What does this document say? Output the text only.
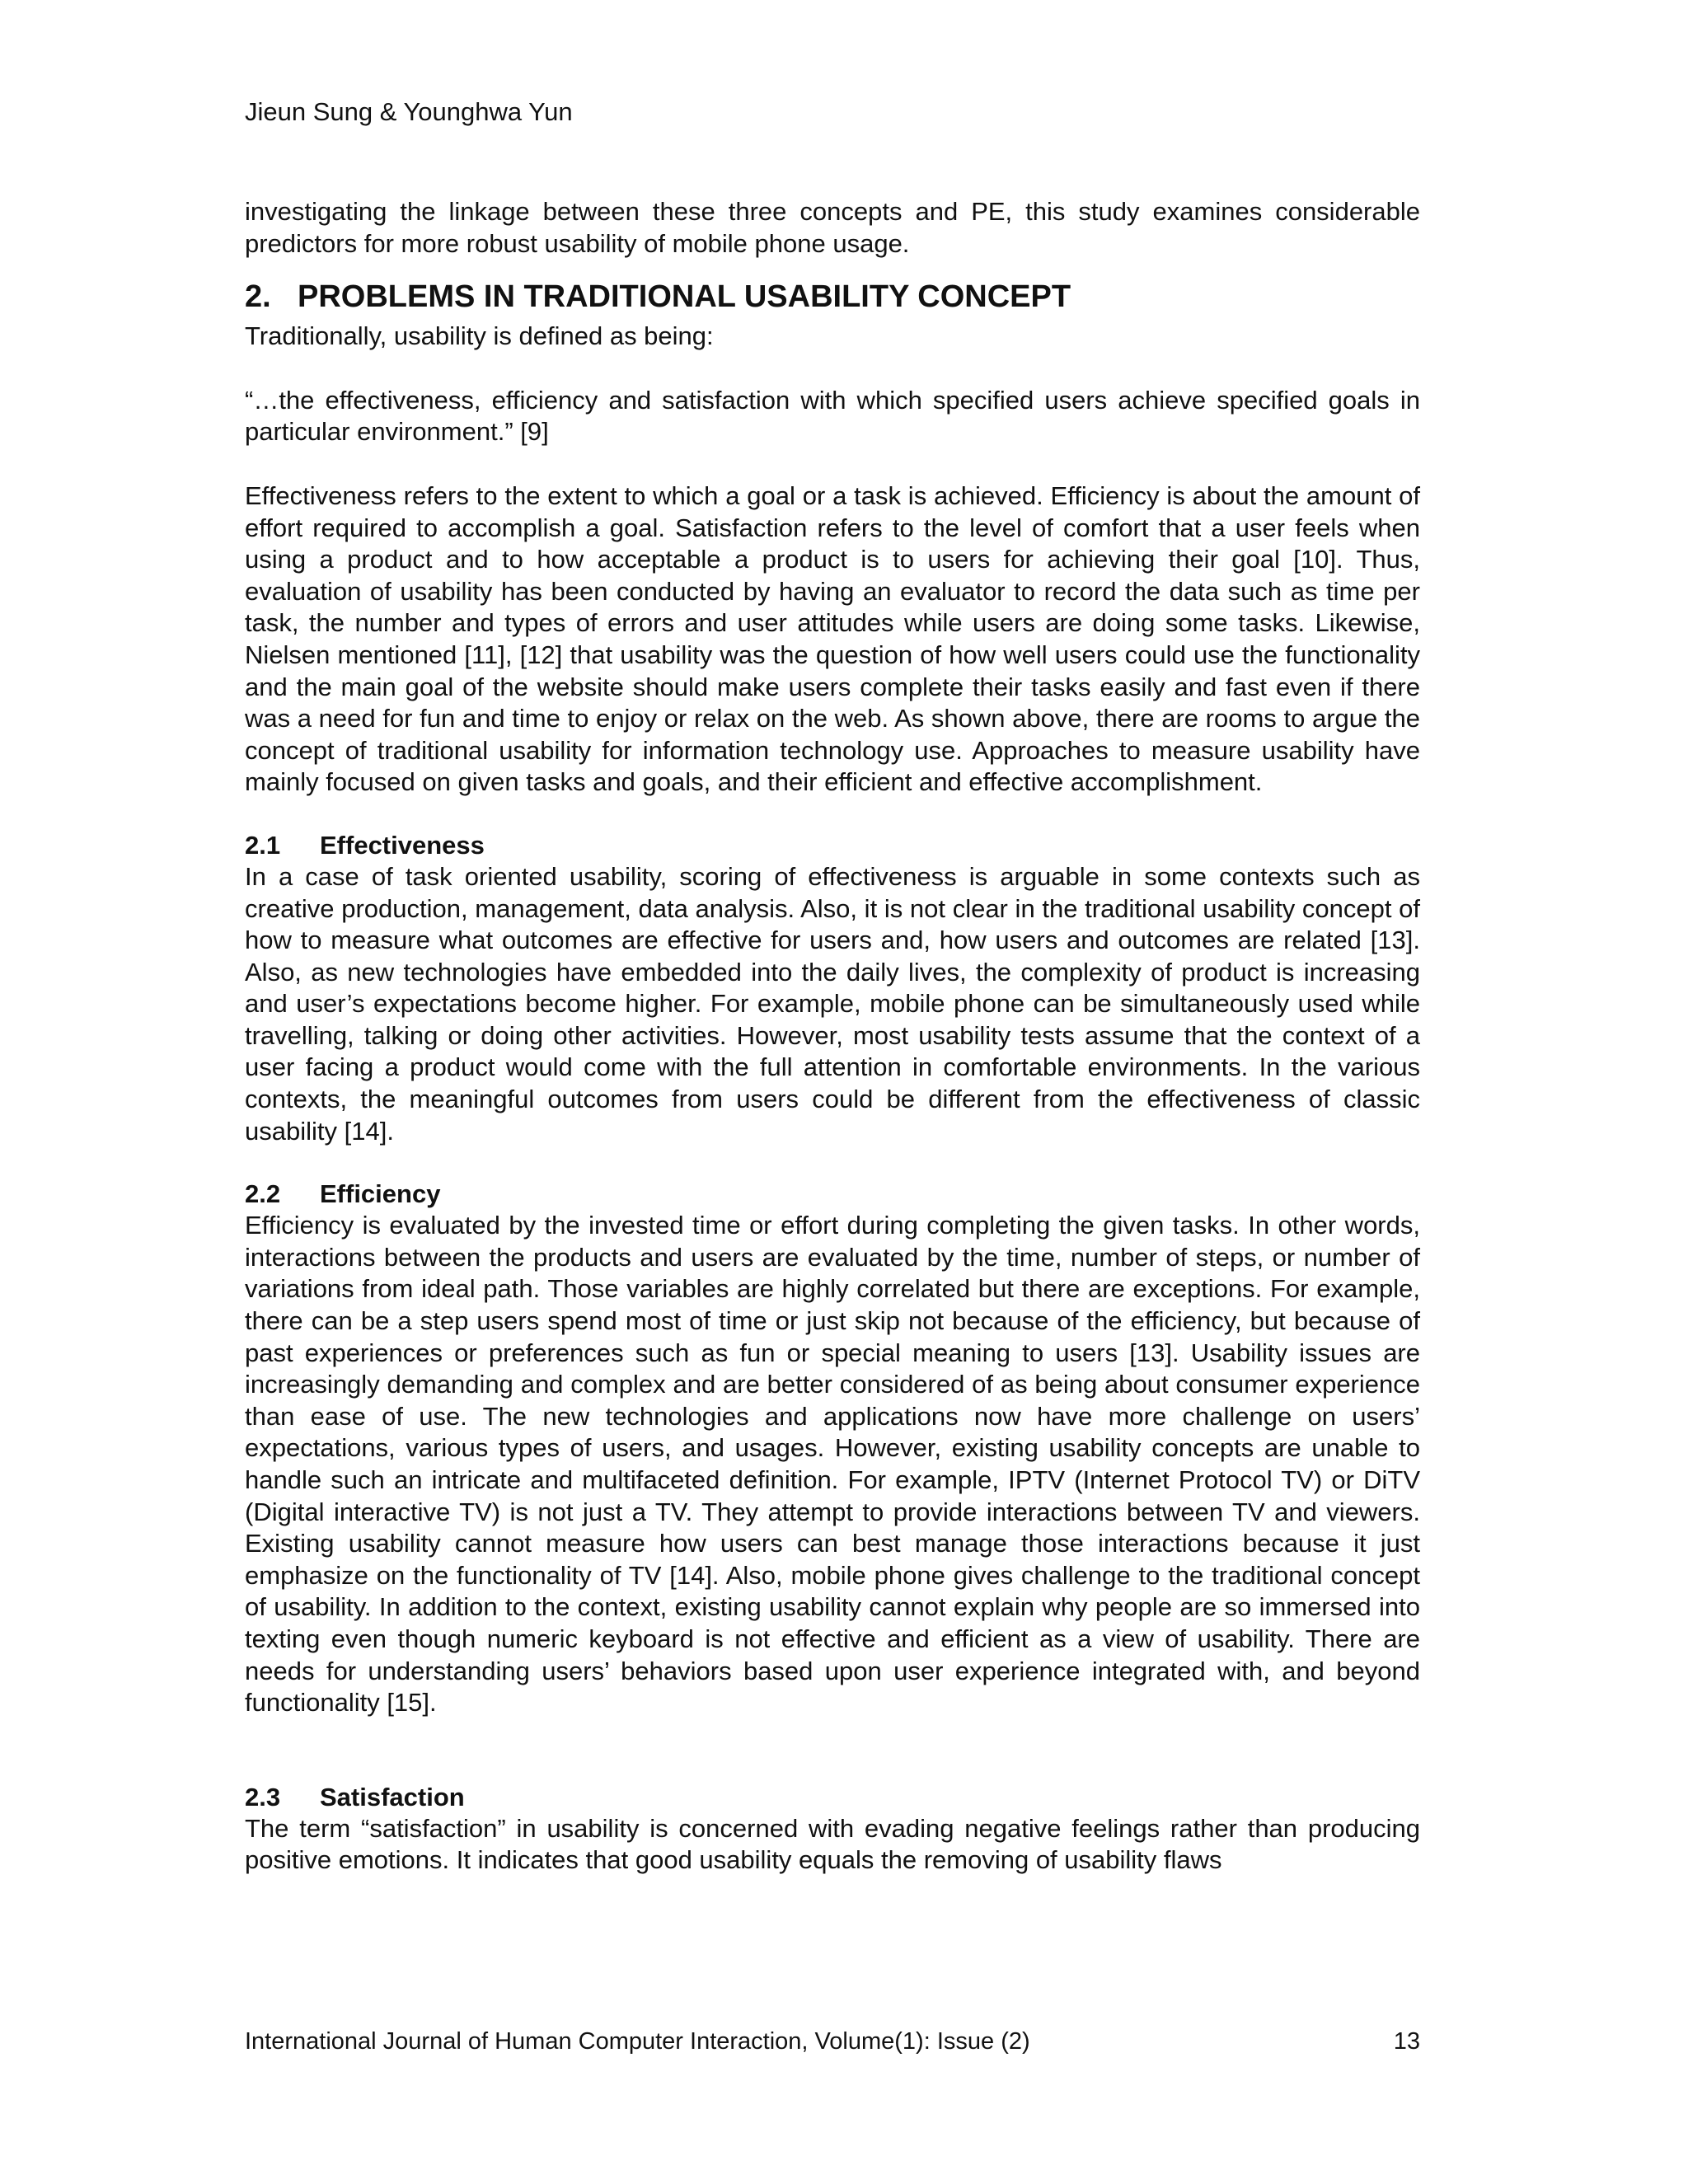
Jieun Sung & Younghwa Yun

investigating the linkage between these three concepts and PE, this study examines considerable predictors for more robust usability of mobile phone usage.

2. PROBLEMS IN TRADITIONAL USABILITY CONCEPT

Traditionally, usability is defined as being:

“…the effectiveness, efficiency and satisfaction with which specified users achieve specified goals in particular environment.” [9]

Effectiveness refers to the extent to which a goal or a task is achieved. Efficiency is about the amount of effort required to accomplish a goal. Satisfaction refers to the level of comfort that a user feels when using a product and to how acceptable a product is to users for achieving their goal [10]. Thus, evaluation of usability has been conducted by having an evaluator to record the data such as time per task, the number and types of errors and user attitudes while users are doing some tasks. Likewise, Nielsen mentioned [11], [12] that usability was the question of how well users could use the functionality and the main goal of the website should make users complete their tasks easily and fast even if there was a need for fun and time to enjoy or relax on the web. As shown above, there are rooms to argue the concept of traditional usability for information technology use. Approaches to measure usability have mainly focused on given tasks and goals, and their efficient and effective accomplishment.

2.1 Effectiveness

In a case of task oriented usability, scoring of effectiveness is arguable in some contexts such as creative production, management, data analysis. Also, it is not clear in the traditional usability concept of how to measure what outcomes are effective for users and, how users and outcomes are related [13]. Also, as new technologies have embedded into the daily lives, the complexity of product is increasing and user’s expectations become higher. For example, mobile phone can be simultaneously used while travelling, talking or doing other activities. However, most usability tests assume that the context of a user facing a product would come with the full attention in comfortable environments. In the various contexts, the meaningful outcomes from users could be different from the effectiveness of classic usability [14].

2.2 Efficiency

Efficiency is evaluated by the invested time or effort during completing the given tasks. In other words, interactions between the products and users are evaluated by the time, number of steps, or number of variations from ideal path. Those variables are highly correlated but there are exceptions. For example, there can be a step users spend most of time or just skip not because of the efficiency, but because of past experiences or preferences such as fun or special meaning to users [13]. Usability issues are increasingly demanding and complex and are better considered of as being about consumer experience than ease of use. The new technologies and applications now have more challenge on users’ expectations, various types of users, and usages. However, existing usability concepts are unable to handle such an intricate and multifaceted definition. For example, IPTV (Internet Protocol TV) or DiTV (Digital interactive TV) is not just a TV. They attempt to provide interactions between TV and viewers. Existing usability cannot measure how users can best manage those interactions because it just emphasize on the functionality of TV [14]. Also, mobile phone gives challenge to the traditional concept of usability. In addition to the context, existing usability cannot explain why people are so immersed into texting even though numeric keyboard is not effective and efficient as a view of usability. There are needs for understanding users’ behaviors based upon user experience integrated with, and beyond functionality [15].

2.3 Satisfaction

The term “satisfaction” in usability is concerned with evading negative feelings rather than producing positive emotions. It indicates that good usability equals the removing of usability flaws

International Journal of Human Computer Interaction, Volume(1): Issue (2)	13
